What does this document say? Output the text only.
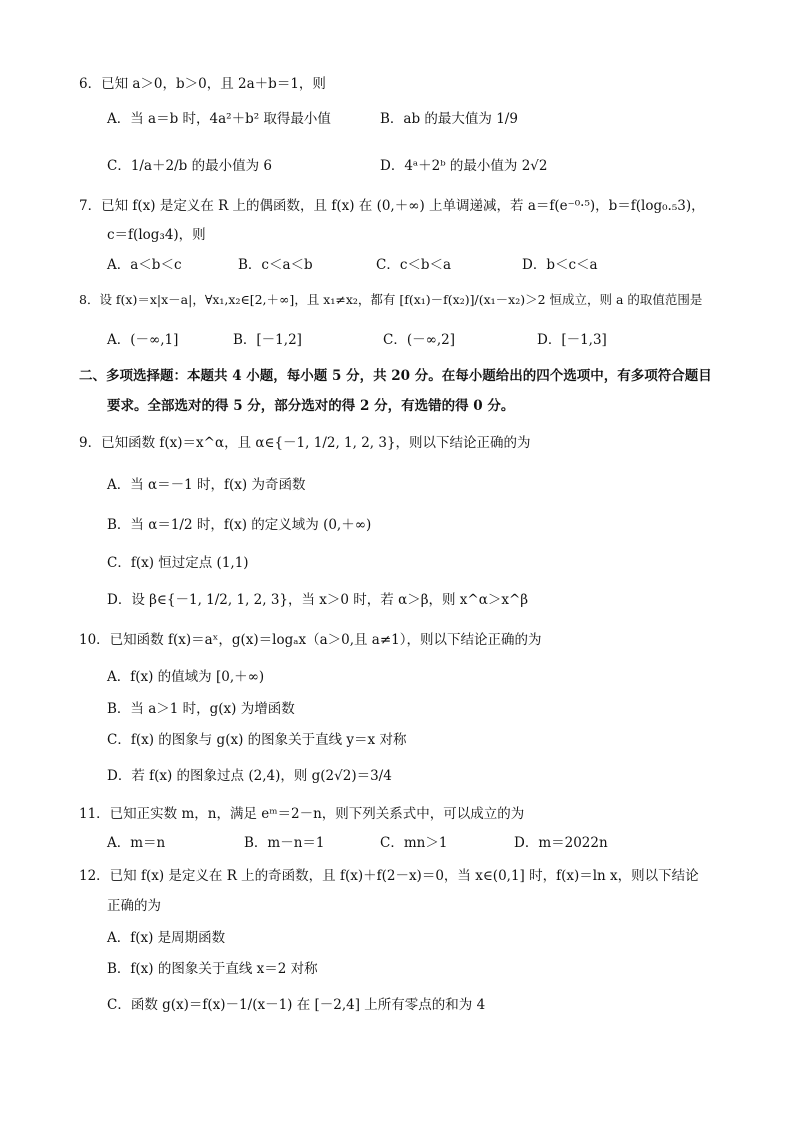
6．已知 a＞0，b＞0，且 2a＋b＝1，则
A．当 a＝b 时，4a²＋b² 取得最小值	B．ab 的最大值为 1/9
C．1/a＋2/b 的最小值为 6	D．4ᵃ＋2ᵇ 的最小值为 2√2
7．已知 f(x) 是定义在 R 上的偶函数，且 f(x) 在 (0,＋∞) 上单调递减，若 a＝f(e⁻⁰·⁵)，b＝f(log₀.₅3)，
c＝f(log₃4)，则
A．a＜b＜c	B．c＜a＜b	C．c＜b＜a	D．b＜c＜a
8．设 f(x)＝x|x－a|，∀x₁,x₂∈[2,＋∞]，且 x₁≠x₂，都有 [f(x₁)－f(x₂)]/(x₁－x₂)＞2 恒成立，则 a 的取值范围是
A．(－∞,1]	B．[－1,2]	C．(－∞,2]	D．[－1,3]
二、多项选择题：本题共 4 小题，每小题 5 分，共 20 分。在每小题给出的四个选项中，有多项符合题目
要求。全部选对的得 5 分，部分选对的得 2 分，有选错的得 0 分。
9．已知函数 f(x)＝x^α，且 α∈{－1, 1/2, 1, 2, 3}，则以下结论正确的为
A．当 α＝－1 时，f(x) 为奇函数
B．当 α＝1/2 时，f(x) 的定义域为 (0,＋∞)
C．f(x) 恒过定点 (1,1)
D．设 β∈{－1, 1/2, 1, 2, 3}，当 x＞0 时，若 α＞β，则 x^α＞x^β
10．已知函数 f(x)＝aˣ，g(x)＝logₐx（a＞0,且 a≠1），则以下结论正确的为
A．f(x) 的值域为 [0,＋∞)
B．当 a＞1 时，g(x) 为增函数
C．f(x) 的图象与 g(x) 的图象关于直线 y＝x 对称
D．若 f(x) 的图象过点 (2,4)，则 g(2√2)＝3/4
11．已知正实数 m，n，满足 eᵐ＝2－n，则下列关系式中，可以成立的为
A．m＝n	B．m－n＝1	C．mn＞1	D．m＝2022n
12．已知 f(x) 是定义在 R 上的奇函数，且 f(x)＋f(2－x)＝0，当 x∈(0,1] 时，f(x)＝ln x，则以下结论
正确的为
A．f(x) 是周期函数
B．f(x) 的图象关于直线 x＝2 对称
C．函数 g(x)＝f(x)－1/(x－1) 在 [－2,4] 上所有零点的和为 4
